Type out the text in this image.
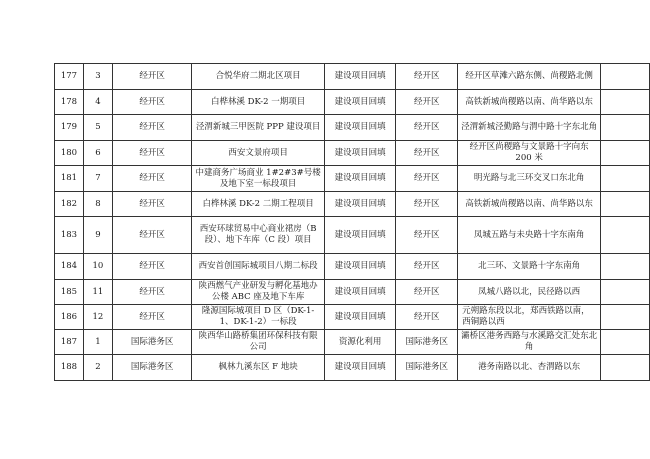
177	3	经开区	合悦华府二期北区项目	建设项目回填	经开区	经开区草滩六路东侧、尚稷路北侧	
178	4	经开区	白桦林溪 DK-2 一期项目	建设项目回填	经开区	高铁新城尚稷路以南、尚华路以东	
179	5	经开区	泾渭新城三甲医院 PPP 建设项目	建设项目回填	经开区	泾渭新城泾勤路与渭中路十字东北角	
180	6	经开区	西安文景府项目	建设项目回填	经开区	经开区尚稷路与文景路十字向东 200 米	
181	7	经开区	中建商务广场商业 1#2#3#号楼及地下室一标段项目	建设项目回填	经开区	明光路与北三环交叉口东北角	
182	8	经开区	白桦林溪 DK-2 二期工程项目	建设项目回填	经开区	高铁新城尚稷路以南、尚华路以东	
183	9	经开区	西安环球贸易中心商业裙房（B 段）、地下车库（C 段）项目	建设项目回填	经开区	凤城五路与未央路十字东南角	
184	10	经开区	西安首创国际城项目八期二标段	建设项目回填	经开区	北三环、文景路十字东南角	
185	11	经开区	陕西燃气产业研发与孵化基地办公楼 ABC 座及地下车库	建设项目回填	经开区	凤城八路以北，民径路以西	
186	12	经开区	隆源国际城项目 D 区（DK-1-1、DK-1-2）一标段	建设项目回填	经开区	元朔路东段以北，郑西铁路以南，西铜路以西	
187	1	国际港务区	陕西华山路桥集团环保科技有限公司	资源化利用	国际港务区	灞桥区港务西路与水溪路交汇处东北角	
188	2	国际港务区	枫林九溪东区 F 地块	建设项目回填	国际港务区	港务南路以北、杏渭路以东	
